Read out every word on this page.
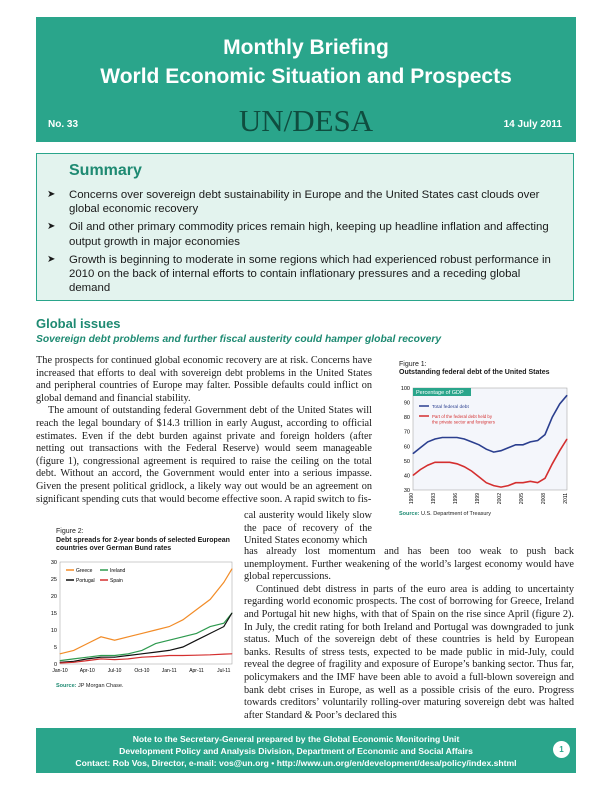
Monthly Briefing
World Economic Situation and Prospects
No. 33	UN/DESA	14 July 2011
Summary
➤ Concerns over sovereign debt sustainability in Europe and the United States cast clouds over global economic recovery
➤ Oil and other primary commodity prices remain high, keeping up headline inflation and affecting output growth in major economies
➤ Growth is beginning to moderate in some regions which had experienced robust performance in 2010 on the back of internal efforts to contain inflationary pressures and a receding global demand
Global issues
Sovereign debt problems and further fiscal austerity could hamper global recovery
The prospects for continued global economic recovery are at risk. Concerns have increased that efforts to deal with sovereign debt problems in the United States and peripheral countries of Europe may falter. Possible defaults could inflict on global demand and financial stability.
The amount of outstanding federal Government debt of the United States will reach the legal boundary of $14.3 trillion in early August, according to official estimates. Even if the debt burden against private and foreign holders (after netting out transactions with the Federal Reserve) would seem manageable (figure 1), congressional agreement is required to raise the ceiling on the total debt. Without an accord, the Government would enter into a serious impasse. Given the present political gridlock, a likely way out would be an agreement on significant spending cuts that would become effective soon. A rapid switch to fis-
cal austerity would likely slow the pace of recovery of the United States economy which
has already lost momentum and has been too weak to push back unemployment. Further weakening of the world’s largest economy would have global repercussions.
Continued debt distress in parts of the euro area is adding to uncertainty regarding world economic prospects. The cost of borrowing for Greece, Ireland and Portugal hit new highs, with that of Spain on the rise since April (figure 2). In July, the credit rating for both Ireland and Portugal was downgraded to junk status. Much of the sovereign debt of these countries is held by European banks. Results of stress tests, expected to be made public in mid-July, could reveal the degree of fragility and exposure of Europe’s banking sector. Thus far, policymakers and the IMF have been able to avoid a full-blown sovereign and bank debt crises in Europe, as well as a possible crisis of the euro. Progress towards creditors’ voluntarily rolling-over maturing sovereign debt was halted after Standard & Poor’s declared this
Figure 1:
Outstanding federal debt of the United States
Percentage of GDP
30
40
50
60
70
80
90
100
1990	1993	1996	1999	2002	2005	2008	2011
Total federal debt
Part of the federal debt held by
the private sector and foreigners
Source: U.S. Department of Treasury
Figure 2:
Debt spreads for 2-year bonds of selected European countries over German Bund rates
0
5
10
15
20
25
30
Jan-10 Apr-10	Jul-10	Oct-10 Jan-11	Apr-11	Jul-11
Greece	Ireland
Portugal	Spain
Source: JP Morgan Chase.
Note to the Secretary-General prepared by the Global Economic Monitoring Unit
Development Policy and Analysis Division, Department of Economic and Social Affairs
Contact: Rob Vos, Director, e-mail: vos@un.org • http://www.un.org/en/development/desa/policy/index.shtml
1
